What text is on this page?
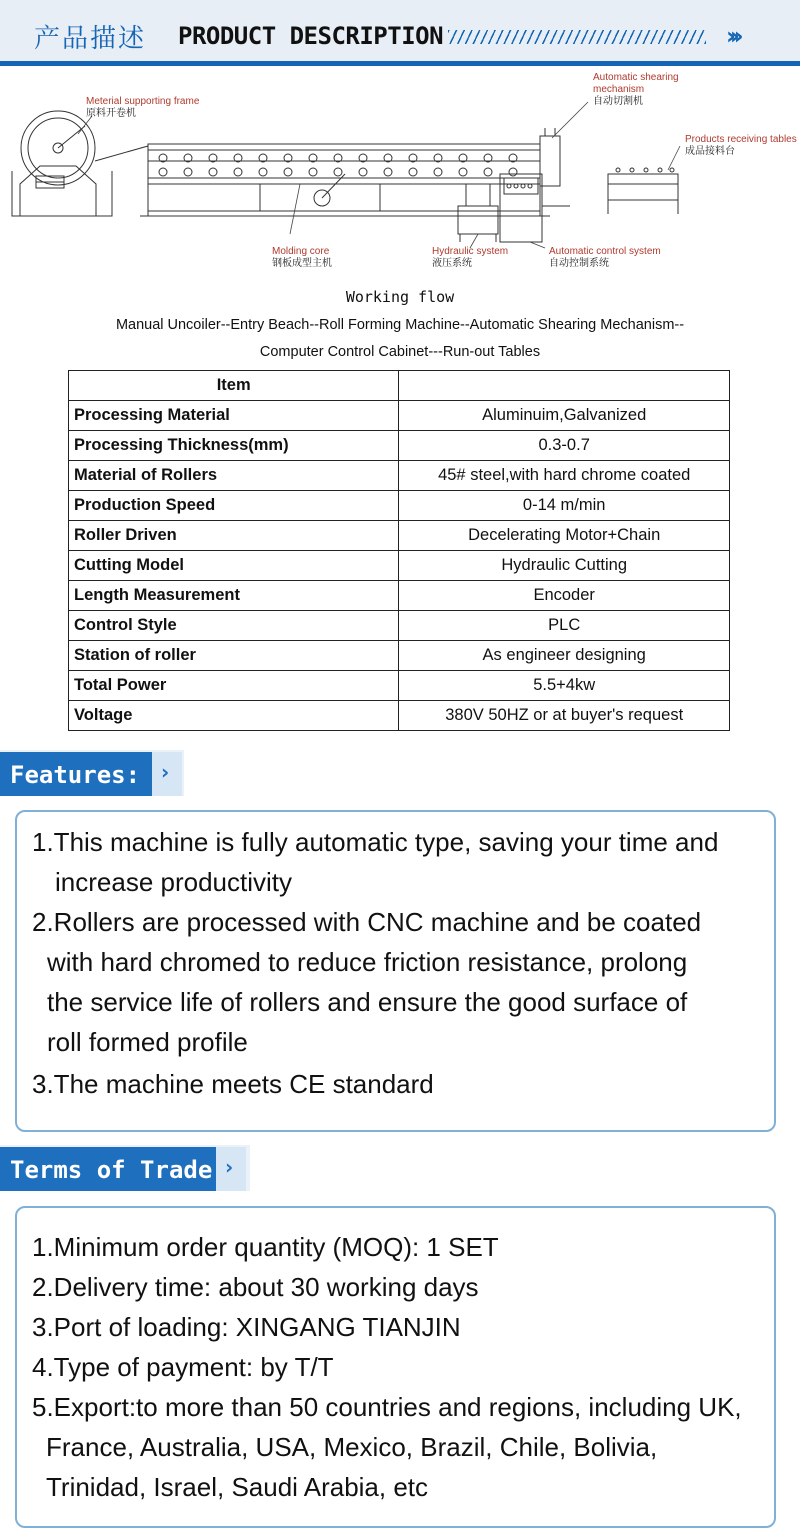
产品描述 PRODUCT DESCRIPTION	›››
Meterial supporting frame
原料开卷机
Automatic shearing mechanism
自动切割机
Products receiving tables
成品接料台
Molding core
钢板成型主机
Hydraulic system
液压系统
Automatic control system
自动控制系统
Working flow
Manual Uncoiler--Entry Beach--Roll Forming Machine--Automatic Shearing Mechanism--
Computer Control Cabinet---Run-out Tables
Item	
Processing Material	Aluminuim,Galvanized
Processing Thickness(mm)	0.3-0.7
Material of Rollers	45# steel,with hard chrome coated
Production Speed	0-14 m/min
Roller Driven	Decelerating Motor+Chain
Cutting Model	Hydraulic Cutting
Length Measurement	Encoder
Control Style	PLC
Station of roller	As engineer designing
Total Power	5.5+4kw
Voltage	380V 50HZ or at buyer's request
Features: ›
1.This machine is fully automatic type, saving your time and
increase productivity
2.Rollers are processed with CNC machine and be coated
with hard chromed to reduce friction resistance, prolong
the service life of rollers and ensure the good surface of
roll formed profile
3.The machine meets CE standard
Terms of Trade ›
1.Minimum order quantity (MOQ): 1 SET
2.Delivery time: about 30 working days
3.Port of loading: XINGANG TIANJIN
4.Type of payment: by T/T
5.Export:to more than 50 countries and regions, including UK,
France, Australia, USA, Mexico, Brazil, Chile, Bolivia,
Trinidad, Israel, Saudi Arabia, etc
